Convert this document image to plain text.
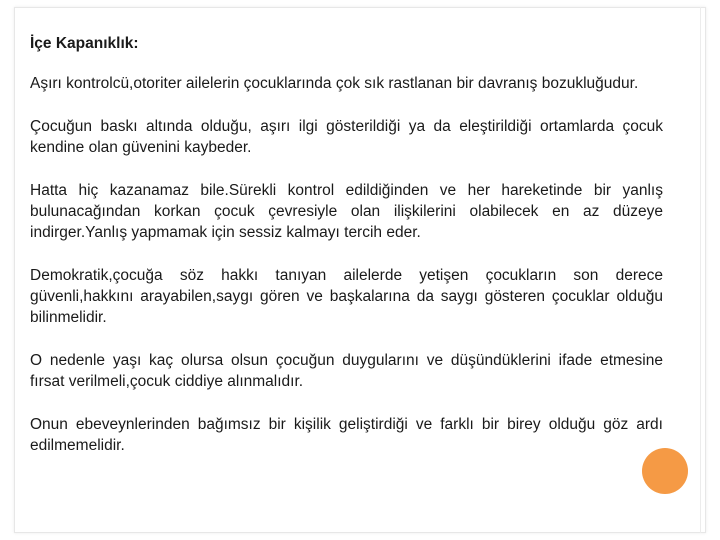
İçe Kapanıklık:

Aşırı kontrolcü,otoriter ailelerin çocuklarında çok sık rastlanan bir davranış bozukluğudur.

Çocuğun baskı altında olduğu, aşırı ilgi gösterildiği ya da eleştirildiği ortamlarda çocuk kendine olan güvenini kaybeder.

Hatta hiç kazanamaz bile.Sürekli kontrol edildiğinden ve her hareketinde bir yanlış bulunacağından korkan çocuk çevresiyle olan ilişkilerini olabilecek en az düzeye indirger.Yanlış yapmamak için sessiz kalmayı tercih eder.

Demokratik,çocuğa söz hakkı tanıyan ailelerde yetişen çocukların son derece güvenli,hakkını arayabilen,saygı gören ve başkalarına da saygı gösteren çocuklar olduğu bilinmelidir.

O nedenle yaşı kaç olursa olsun çocuğun duygularını ve düşündüklerini ifade etmesine fırsat verilmeli,çocuk ciddiye alınmalıdır.

Onun ebeveynlerinden bağımsız bir kişilik geliştirdiği ve farklı bir birey olduğu göz ardı edilmemelidir.
